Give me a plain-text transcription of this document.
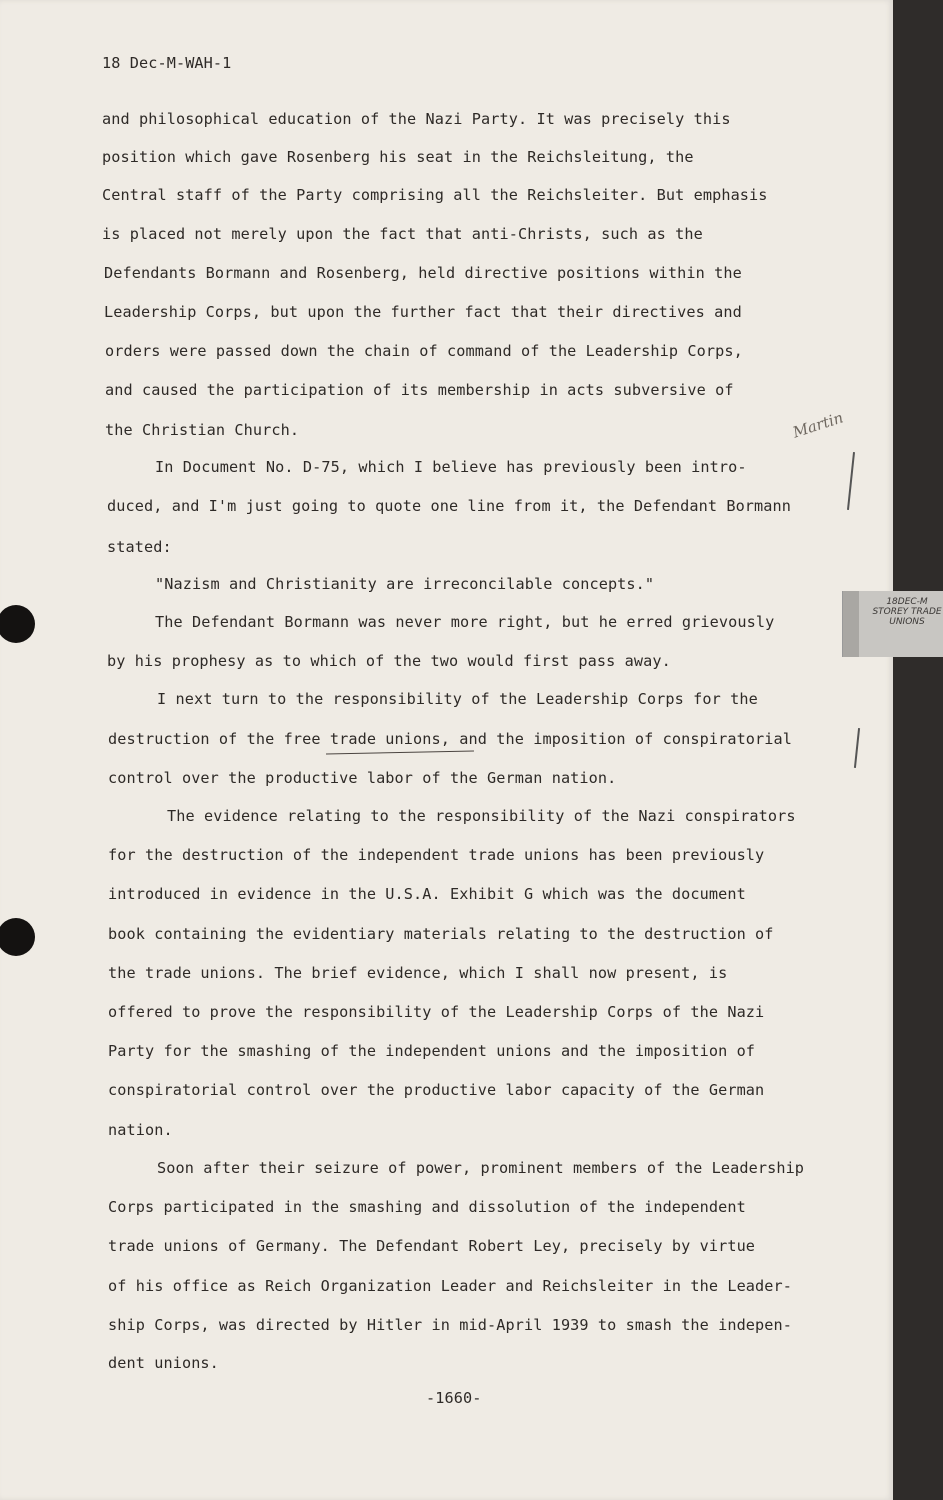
18 Dec-M-WAH-1
and philosophical education of the Nazi Party. It was precisely this
position which gave Rosenberg his seat in the Reichsleitung, the
Central staff of the Party comprising all the Reichsleiter. But emphasis
is placed not merely upon the fact that anti-Christs, such as the
Defendants Bormann and Rosenberg, held directive positions within the
Leadership Corps, but upon the further fact that their directives and
orders were passed down the chain of command of the Leadership Corps,
and caused the participation of its membership in acts subversive of
the Christian Church.
In Document No. D-75, which I believe has previously been intro-
duced, and I'm just going to quote one line from it, the Defendant Bormann
stated:
"Nazism and Christianity are irreconcilable concepts."
The Defendant Bormann was never more right, but he erred grievously
by his prophesy as to which of the two would first pass away.
I next turn to the responsibility of the Leadership Corps for the
destruction of the free trade unions, and the imposition of conspiratorial
control over the productive labor of the German nation.
The evidence relating to the responsibility of the Nazi conspirators
for the destruction of the independent trade unions has been previously
introduced in evidence in the U.S.A. Exhibit G which was the document
book containing the evidentiary materials relating to the destruction of
the trade unions. The brief evidence, which I shall now present, is
offered to prove the responsibility of the Leadership Corps of the Nazi
Party for the smashing of the independent unions and the imposition of
conspiratorial control over the productive labor capacity of the German
nation.
Soon after their seizure of power, prominent members of the Leadership
Corps participated in the smashing and dissolution of the independent
trade unions of Germany. The Defendant Robert Ley, precisely by virtue
of his office as Reich Organization Leader and Reichsleiter in the Leader-
ship Corps, was directed by Hitler in mid-April 1939 to smash the indepen-
dent unions.
-1660-
Martin
18DEC-M STOREY TRADE UNIONS
